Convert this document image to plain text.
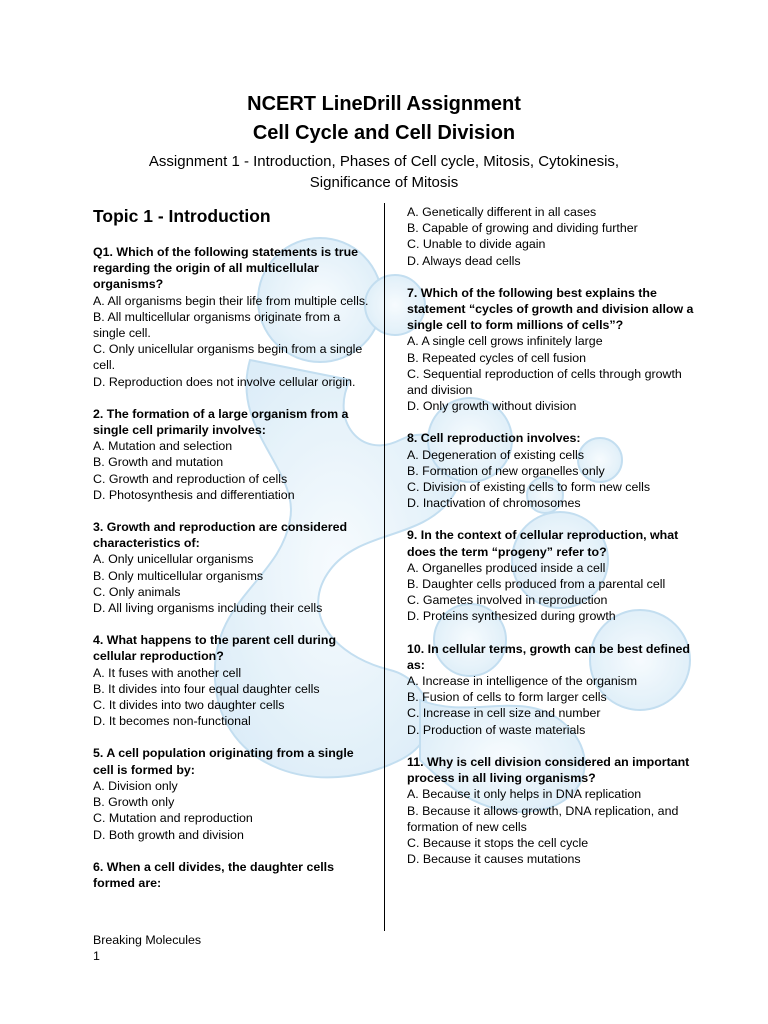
NCERT LineDrill Assignment
Cell Cycle and Cell Division
Assignment 1 - Introduction, Phases of Cell cycle, Mitosis, Cytokinesis,
Significance of Mitosis
Topic 1 - Introduction
Q1. Which of the following statements is true regarding the origin of all multicellular organisms?
A. All organisms begin their life from multiple cells.
B. All multicellular organisms originate from a single cell.
C. Only unicellular organisms begin from a single cell.
D. Reproduction does not involve cellular origin.
2. The formation of a large organism from a single cell primarily involves:
A. Mutation and selection
B. Growth and mutation
C. Growth and reproduction of cells
D. Photosynthesis and differentiation
3. Growth and reproduction are considered characteristics of:
A. Only unicellular organisms
B. Only multicellular organisms
C. Only animals
D. All living organisms including their cells
4. What happens to the parent cell during cellular reproduction?
A. It fuses with another cell
B. It divides into four equal daughter cells
C. It divides into two daughter cells
D. It becomes non-functional
5. A cell population originating from a single cell is formed by:
A. Division only
B. Growth only
C. Mutation and reproduction
D. Both growth and division
6. When a cell divides, the daughter cells formed are:
A. Genetically different in all cases
B. Capable of growing and dividing further
C. Unable to divide again
D. Always dead cells
7. Which of the following best explains the statement “cycles of growth and division allow a single cell to form millions of cells”?
A. A single cell grows infinitely large
B. Repeated cycles of cell fusion
C. Sequential reproduction of cells through growth and division
D. Only growth without division
8. Cell reproduction involves:
A. Degeneration of existing cells
B. Formation of new organelles only
C. Division of existing cells to form new cells
D. Inactivation of chromosomes
9. In the context of cellular reproduction, what does the term “progeny” refer to?
A. Organelles produced inside a cell
B. Daughter cells produced from a parental cell
C. Gametes involved in reproduction
D. Proteins synthesized during growth
10. In cellular terms, growth can be best defined as:
A. Increase in intelligence of the organism
B. Fusion of cells to form larger cells
C. Increase in cell size and number
D. Production of waste materials
11. Why is cell division considered an important process in all living organisms?
A. Because it only helps in DNA replication
B. Because it allows growth, DNA replication, and formation of new cells
C. Because it stops the cell cycle
D. Because it causes mutations
Breaking Molecules
1
